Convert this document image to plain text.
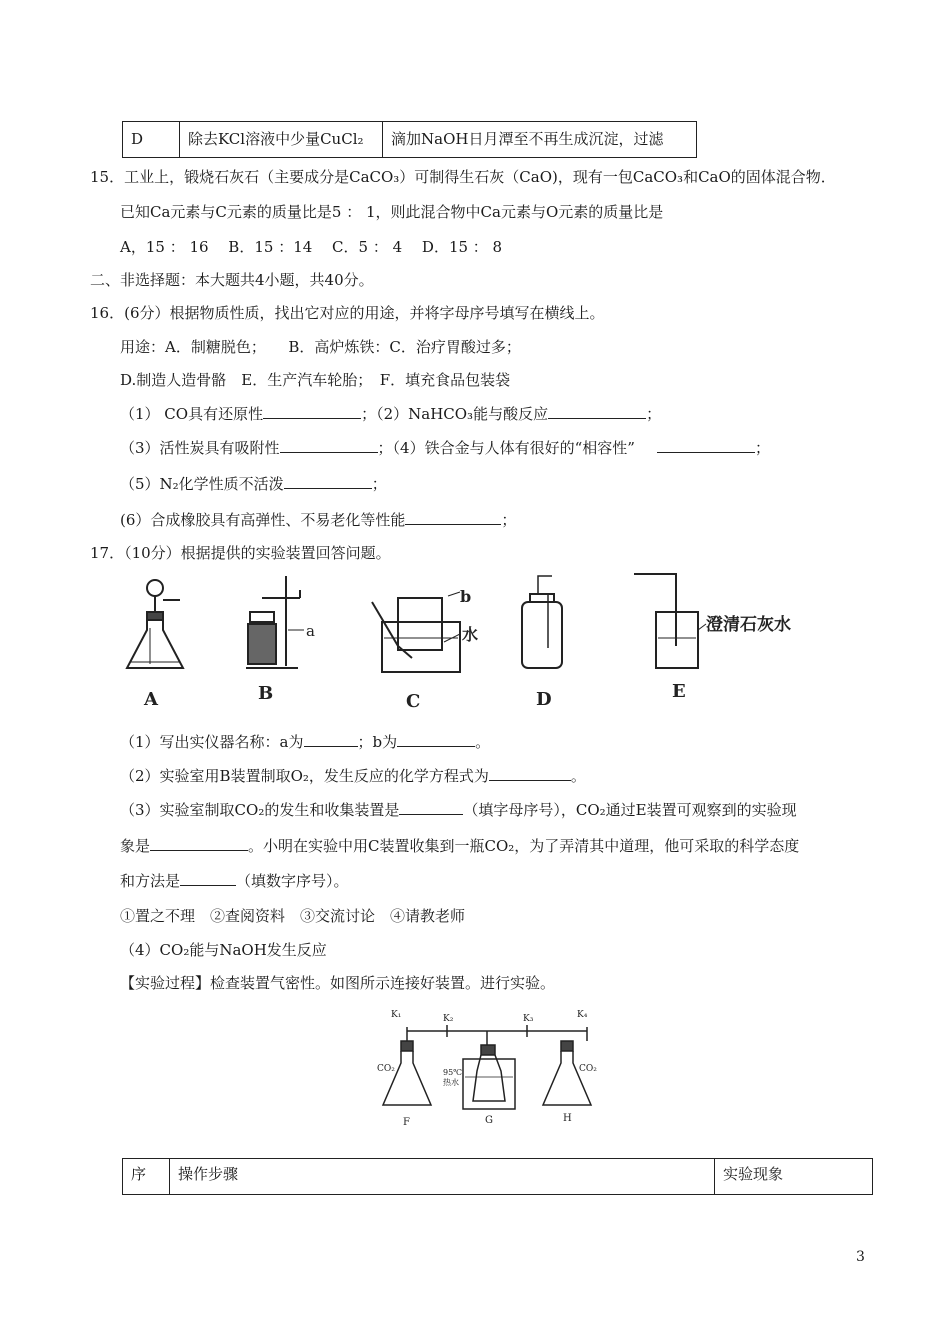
D	除去KCl溶液中少量CuCl₂	滴加NaOH日月潭至不再生成沉淀，过滤
15．工业上，锻烧石灰石（主要成分是CaCO₃）可制得生石灰（CaO)，现有一包CaCO₃和CaO的固体混合物．
已知Ca元素与C元素的质量比是5 ： 1，则此混合物中Ca元素与O元素的质量比是
A，15 ： 16　 B．15 ：14　 C．5 ： 4　 D．15 ： 8
二、非选择题：本大题共4小题，共40分。
16．(6分）根据物质性质，找出它对应的用途，并将字母序号填写在横线上。
用途：A．制糖脱色；　　B．高炉炼铁：C．治疗胃酸过多；
D.制造人造骨骼　E．生产汽车轮胎；　F．填充食品包装袋
（1） CO具有还原性	；（2）NaHCO₃能与酸反应	；
（3）活性炭具有吸附性	；（4）铁合金与人体有很好的“相容性”	；
（5）N₂化学性质不活泼	；
(6）合成橡胶具有高弹性、不易老化等性能	；
17．（10分）根据提供的实验装置回答问题。
A	B	C	D	E
a
b
水	澄清石灰水
（1）写出实仪器名称：a为	；b为	。
（2）实验室用B装置制取O₂，发生反应的化学方程式为	。
（3）实验室制取CO₂的发生和收集装置是	（填字母序号），CO₂通过E装置可观察到的实验现
象是	。小明在实验中用C装置收集到一瓶CO₂，为了弄清其中道理，他可采取的科学态度
和方法是	（填数字序号）。
①置之不理　②查阅资料　③交流讨论　④请教老师
（4）CO₂能与NaOH发生反应
【实验过程】检查装置气密性。如图所示连接好装置。进行实验。
K₁	K₂	K₃	K₄
CO₂	CO₂
95℃
热水
F	G	H
序	操作步骤	实验现象
3
